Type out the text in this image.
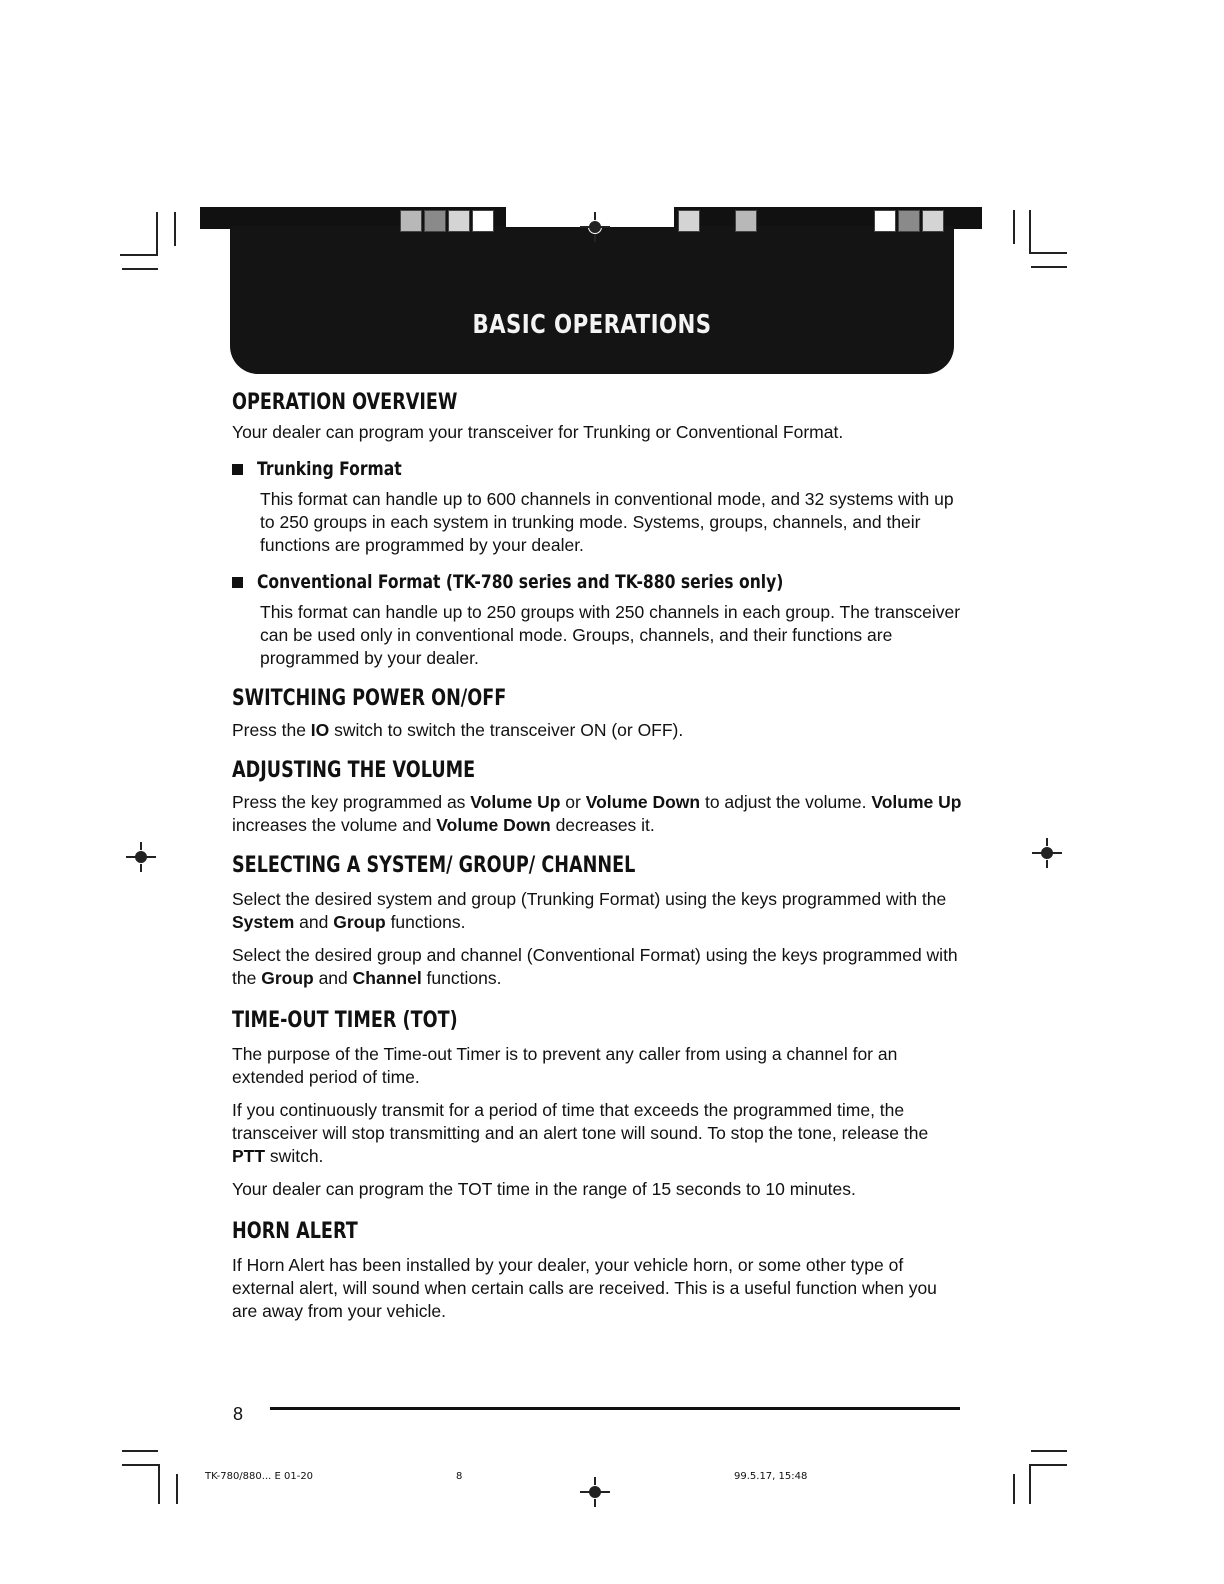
BASIC OPERATIONS
OPERATION OVERVIEW

Your dealer can program your transceiver for Trunking or Conventional Format.

Trunking Format

This format can handle up to 600 channels in conventional mode, and 32 systems with up to 250 groups in each system in trunking mode. Systems, groups, channels, and their functions are programmed by your dealer.

Conventional Format (TK-780 series and TK-880 series only)

This format can handle up to 250 groups with 250 channels in each group. The transceiver can be used only in conventional mode. Groups, channels, and their functions are programmed by your dealer.

SWITCHING POWER ON/OFF

Press the IO switch to switch the transceiver ON (or OFF).

ADJUSTING THE VOLUME

Press the key programmed as Volume Up or Volume Down to adjust the volume. Volume Up increases the volume and Volume Down decreases it.

SELECTING A SYSTEM/ GROUP/ CHANNEL

Select the desired system and group (Trunking Format) using the keys programmed with the System and Group functions.

Select the desired group and channel (Conventional Format) using the keys programmed with the Group and Channel functions.

TIME-OUT TIMER (TOT)

The purpose of the Time-out Timer is to prevent any caller from using a channel for an extended period of time.

If you continuously transmit for a period of time that exceeds the programmed time, the transceiver will stop transmitting and an alert tone will sound. To stop the tone, release the PTT switch.

Your dealer can program the TOT time in the range of 15 seconds to 10 minutes.

HORN ALERT

If Horn Alert has been installed by your dealer, your vehicle horn, or some other type of external alert, will sound when certain calls are received. This is a useful function when you are away from your vehicle.

8
TK-780/880... E 01-20	8	99.5.17, 15:48
